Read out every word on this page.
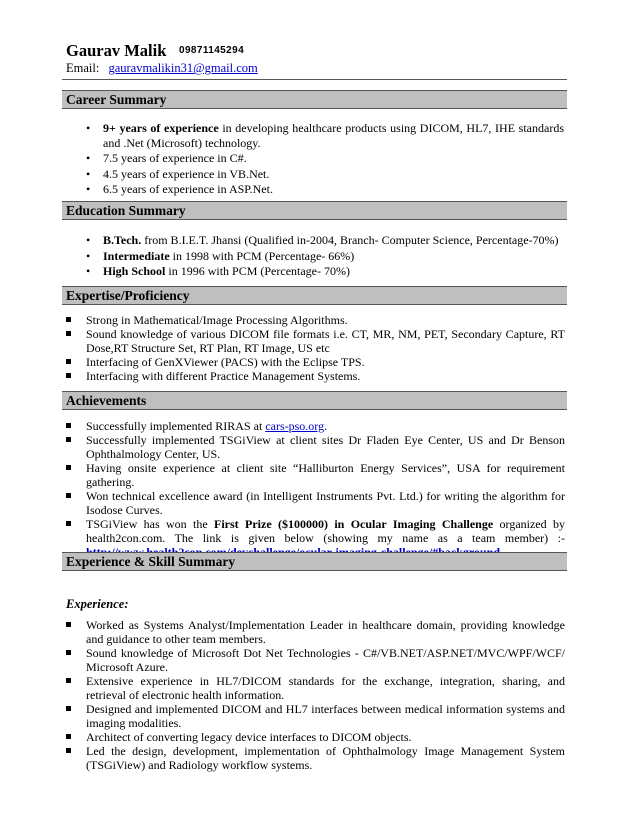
Gaurav Malik 09871145294
Email: gauravmalikin31@gmail.com
Career Summary
• 9+ years of experience in developing healthcare products using DICOM, HL7, IHE standards and .Net (Microsoft) technology.
• 7.5 years of experience in C#.
• 4.5 years of experience in VB.Net.
• 6.5 years of experience in ASP.Net.
Education Summary
• B.Tech. from B.I.E.T. Jhansi (Qualified in-2004, Branch- Computer Science, Percentage-70%)
• Intermediate in 1998 with PCM (Percentage- 66%)
• High School in 1996 with PCM (Percentage- 70%)
Expertise/Proficiency
Strong in Mathematical/Image Processing Algorithms.
Sound knowledge of various DICOM file formats i.e. CT, MR, NM, PET, Secondary Capture, RT Dose,RT Structure Set, RT Plan, RT Image, US etc
Interfacing of GenXViewer (PACS) with the Eclipse TPS.
Interfacing with different Practice Management Systems.
Achievements
Successfully implemented RIRAS at cars-pso.org.
Successfully implemented TSGiView at client sites Dr Fladen Eye Center, US and Dr Benson Ophthalmology Center, US.
Having onsite experience at client site “Halliburton Energy Services”, USA for requirement gathering.
Won technical excellence award (in Intelligent Instruments Pvt. Ltd.) for writing the algorithm for Isodose Curves.
TSGiView has won the First Prize ($100000) in Ocular Imaging Challenge organized by health2con.com. The link is given below (showing my name as a team member) :-
Experience & Skill Summary
Experience:
Worked as Systems Analyst/Implementation Leader in healthcare domain, providing knowledge and guidance to other team members.
Sound knowledge of Microsoft Dot Net Technologies - C#/VB.NET/ASP.NET/MVC/WPF/WCF/ Microsoft Azure.
Extensive experience in HL7/DICOM standards for the exchange, integration, sharing, and retrieval of electronic health information.
Designed and implemented DICOM and HL7 interfaces between medical information systems and imaging modalities.
Architect of converting legacy device interfaces to DICOM objects.
Led the design, development, implementation of Ophthalmology Image Management System (TSGiView) and Radiology workflow systems.
